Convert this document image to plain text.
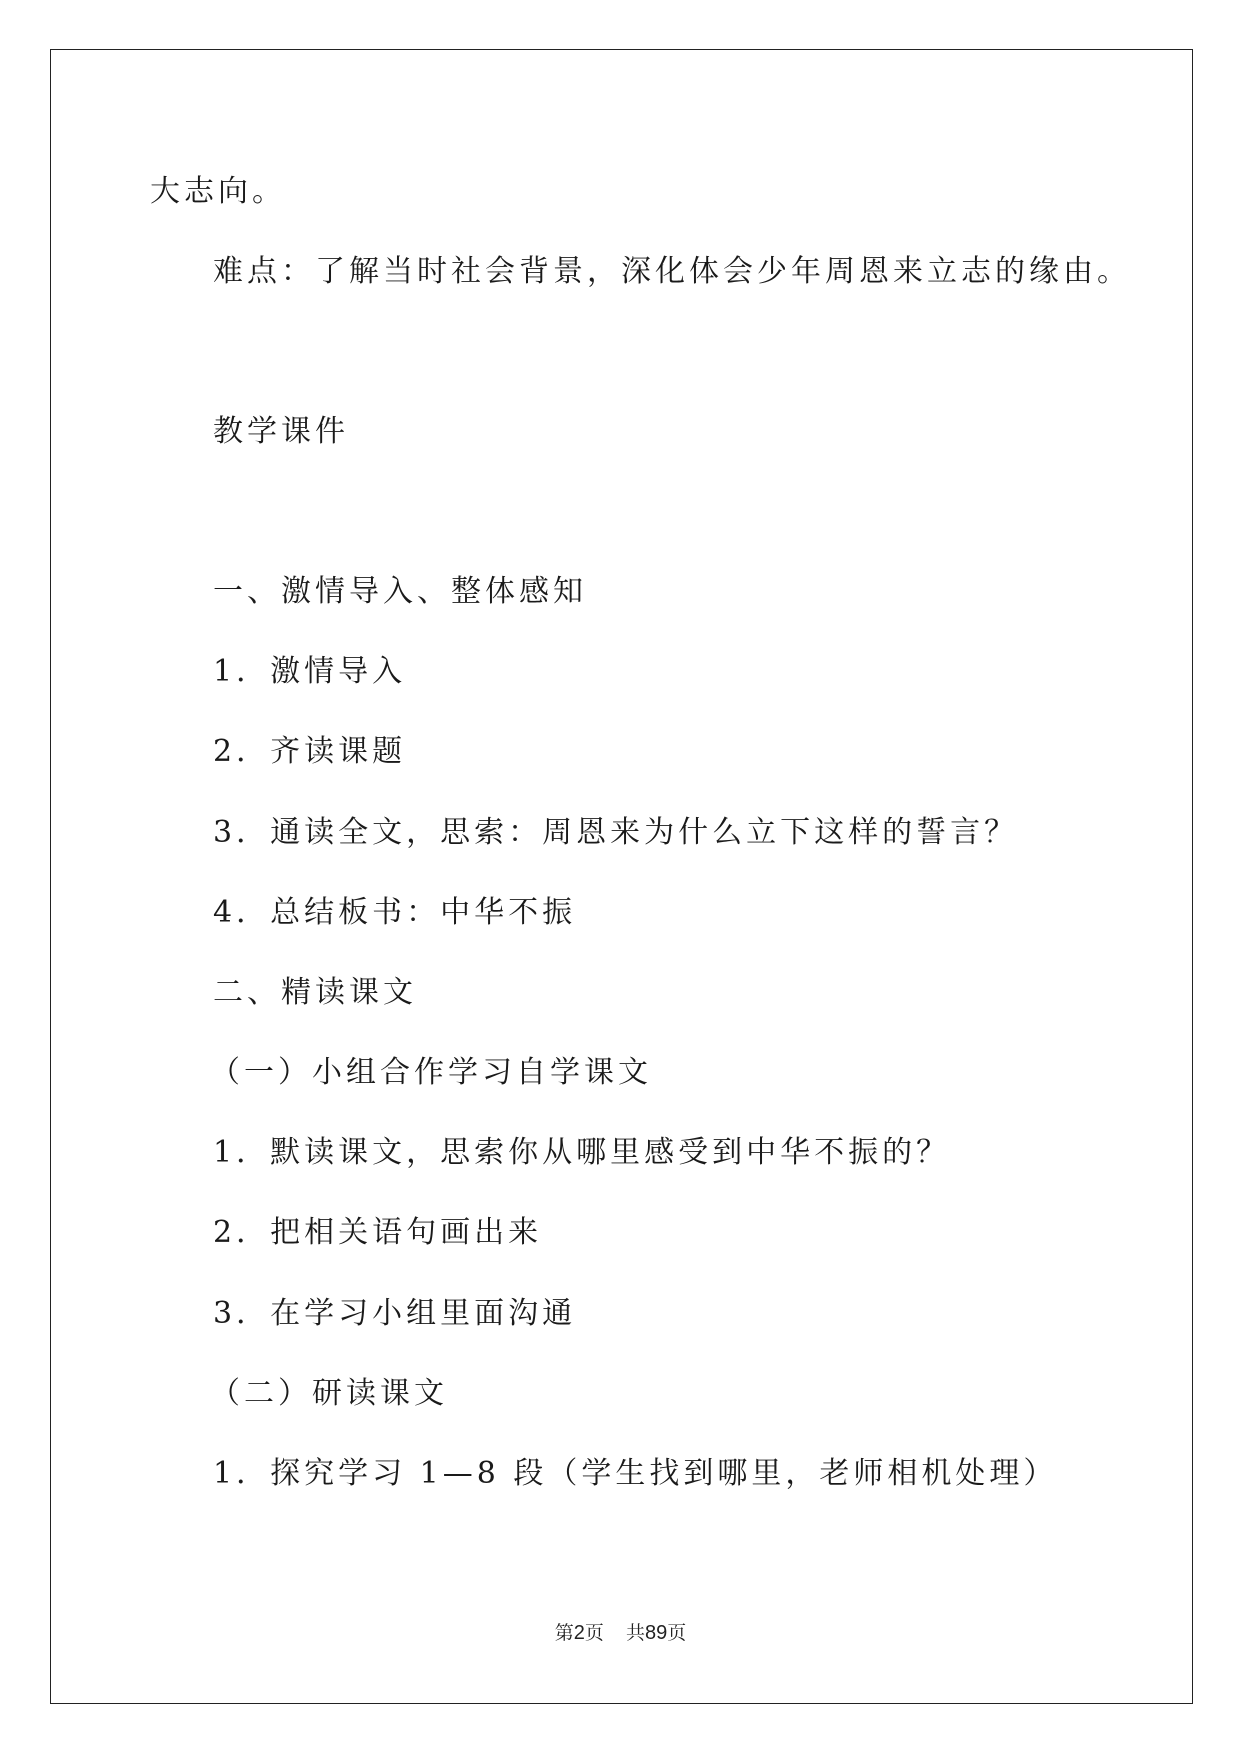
大志向。

难点：了解当时社会背景，深化体会少年周恩来立志的缘由。

教学课件

一、激情导入、整体感知

1．激情导入

2．齐读课题

3．通读全文，思索：周恩来为什么立下这样的誓言？

4．总结板书：中华不振

二、精读课文

（一）小组合作学习自学课文

1．默读课文，思索你从哪里感受到中华不振的？

2．把相关语句画出来

3．在学习小组里面沟通

（二）研读课文

1．探究学习 1—8 段（学生找到哪里，老师相机处理）

第2页 共89页
